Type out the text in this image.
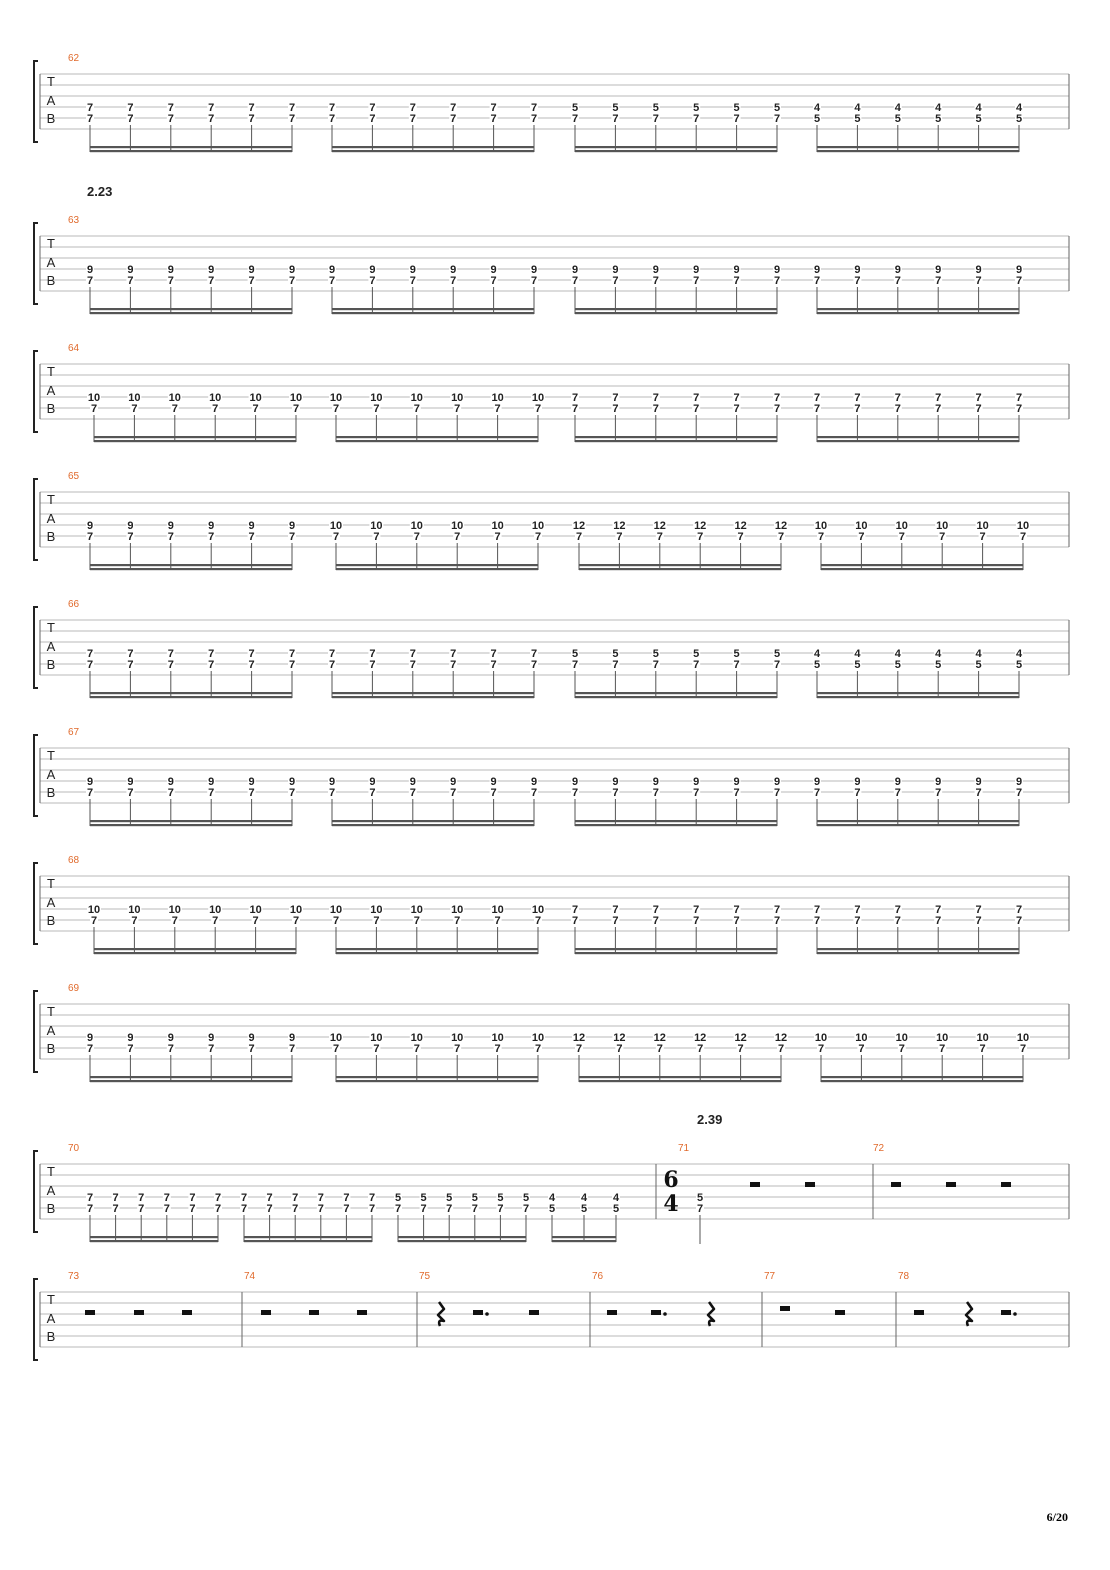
T
A
B
62
7
7
7
7
7
7
7
7
7
7
7
7
7
7
7
7
7
7
7
7
7
7
7
7
5
7
5
7
5
7
5
7
5
7
5
7
4
5
4
5
4
5
4
5
4
5
4
5
T
A
B
63
9
7
9
7
9
7
9
7
9
7
9
7
9
7
9
7
9
7
9
7
9
7
9
7
9
7
9
7
9
7
9
7
9
7
9
7
9
7
9
7
9
7
9
7
9
7
9
7
2.23
T
A
B
64
10
7
10
7
10
7
10
7
10
7
10
7
10
7
10
7
10
7
10
7
10
7
10
7
7
7
7
7
7
7
7
7
7
7
7
7
7
7
7
7
7
7
7
7
7
7
7
7
T
A
B
65
9
7
9
7
9
7
9
7
9
7
9
7
10
7
10
7
10
7
10
7
10
7
10
7
12
7
12
7
12
7
12
7
12
7
12
7
10
7
10
7
10
7
10
7
10
7
10
7
T
A
B
66
7
7
7
7
7
7
7
7
7
7
7
7
7
7
7
7
7
7
7
7
7
7
7
7
5
7
5
7
5
7
5
7
5
7
5
7
4
5
4
5
4
5
4
5
4
5
4
5
T
A
B
67
9
7
9
7
9
7
9
7
9
7
9
7
9
7
9
7
9
7
9
7
9
7
9
7
9
7
9
7
9
7
9
7
9
7
9
7
9
7
9
7
9
7
9
7
9
7
9
7
T
A
B
68
10
7
10
7
10
7
10
7
10
7
10
7
10
7
10
7
10
7
10
7
10
7
10
7
7
7
7
7
7
7
7
7
7
7
7
7
7
7
7
7
7
7
7
7
7
7
7
7
T
A
B
69
9
7
9
7
9
7
9
7
9
7
9
7
10
7
10
7
10
7
10
7
10
7
10
7
12
7
12
7
12
7
12
7
12
7
12
7
10
7
10
7
10
7
10
7
10
7
10
7
T
A
B
70	71	72
7
7
7
7
7
7
7
7
7
7
7
7
7
7
7
7
7
7
7
7
7
7
7
7
5
7
5
7
5
7
5
7
5
7
5
7
4
5
4
5
4
5
6
4 5
7
2.39
T
A
B
73	74	75	76	77	78
6/20
